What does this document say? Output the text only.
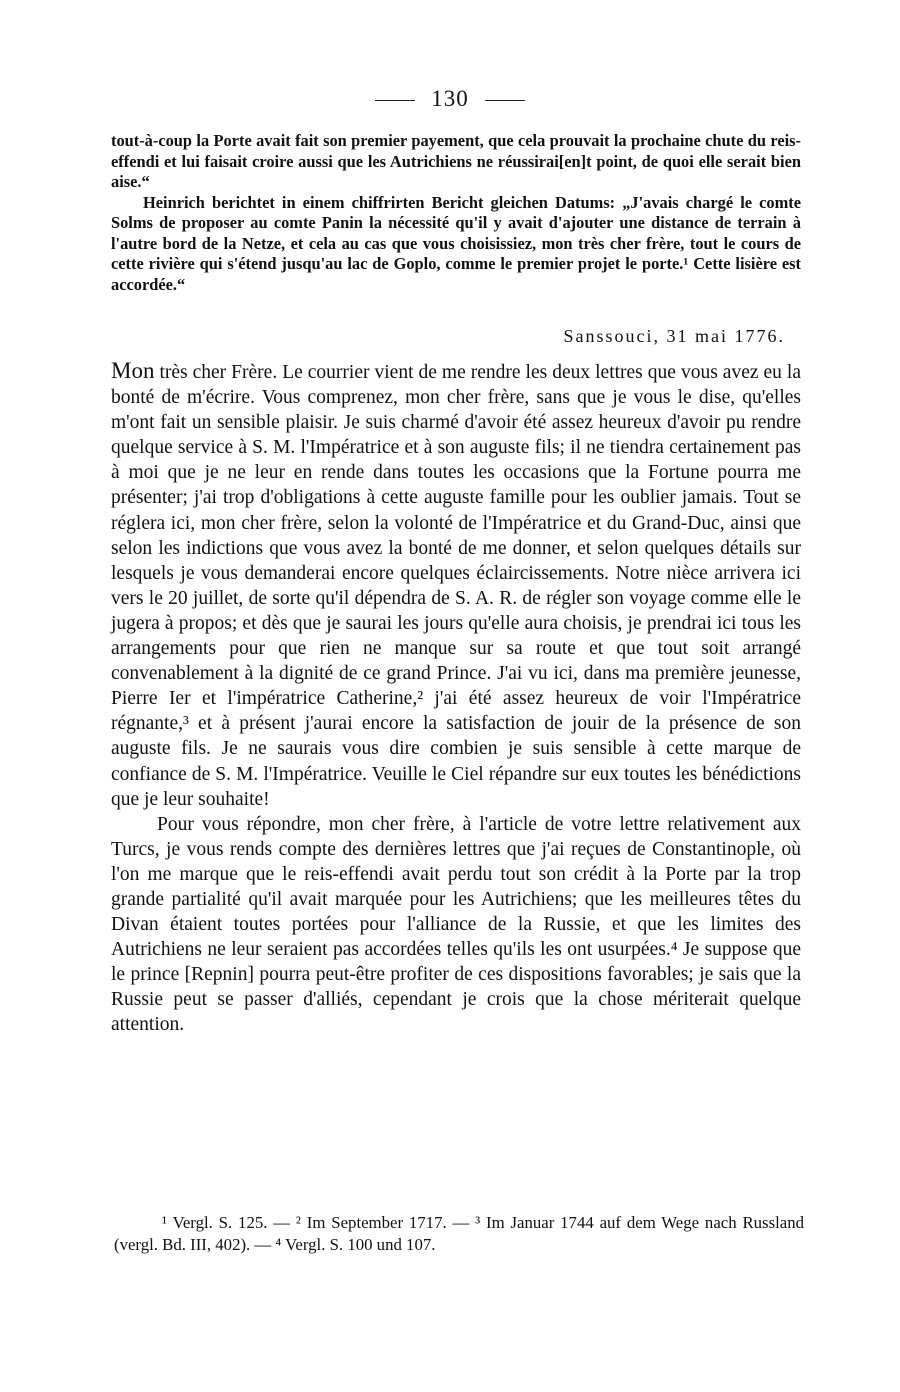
130

tout-à-coup la Porte avait fait son premier payement, que cela prouvait la prochaine chute du reis-effendi et lui faisait croire aussi que les Autrichiens ne réussirai[en]t point, de quoi elle serait bien aise.“

Heinrich berichtet in einem chiffrirten Bericht gleichen Datums: „J'avais chargé le comte Solms de proposer au comte Panin la nécessité qu'il y avait d'ajouter une distance de terrain à l'autre bord de la Netze, et cela au cas que vous choisissiez, mon très cher frère, tout le cours de cette rivière qui s'étend jusqu'au lac de Goplo, comme le premier projet le porte.¹ Cette lisière est accordée.“

Sanssouci, 31 mai 1776.

Mon très cher Frère. Le courrier vient de me rendre les deux lettres que vous avez eu la bonté de m'écrire. Vous comprenez, mon cher frère, sans que je vous le dise, qu'elles m'ont fait un sensible plaisir. Je suis charmé d'avoir été assez heureux d'avoir pu rendre quelque service à S. M. l'Impératrice et à son auguste fils; il ne tiendra certainement pas à moi que je ne leur en rende dans toutes les occasions que la Fortune pourra me présenter; j'ai trop d'obligations à cette auguste famille pour les oublier jamais. Tout se réglera ici, mon cher frère, selon la volonté de l'Impératrice et du Grand-Duc, ainsi que selon les indictions que vous avez la bonté de me donner, et selon quelques détails sur lesquels je vous demanderai encore quelques éclaircissements. Notre nièce arrivera ici vers le 20 juillet, de sorte qu'il dépendra de S. A. R. de régler son voyage comme elle le jugera à propos; et dès que je saurai les jours qu'elle aura choisis, je prendrai ici tous les arrangements pour que rien ne manque sur sa route et que tout soit arrangé convenablement à la dignité de ce grand Prince. J'ai vu ici, dans ma première jeunesse, Pierre Ier et l'impératrice Catherine,² j'ai été assez heureux de voir l'Impératrice régnante,³ et à présent j'aurai encore la satisfaction de jouir de la présence de son auguste fils. Je ne saurais vous dire combien je suis sensible à cette marque de confiance de S. M. l'Impératrice. Veuille le Ciel répandre sur eux toutes les bénédictions que je leur souhaite!

Pour vous répondre, mon cher frère, à l'article de votre lettre relativement aux Turcs, je vous rends compte des dernières lettres que j'ai reçues de Constantinople, où l'on me marque que le reis-effendi avait perdu tout son crédit à la Porte par la trop grande partialité qu'il avait marquée pour les Autrichiens; que les meilleures têtes du Divan étaient toutes portées pour l'alliance de la Russie, et que les limites des Autrichiens ne leur seraient pas accordées telles qu'ils les ont usurpées.⁴ Je suppose que le prince [Repnin] pourra peut-être profiter de ces dispositions favorables; je sais que la Russie peut se passer d'alliés, cependant je crois que la chose mériterait quelque attention.

¹ Vergl. S. 125. — ² Im September 1717. — ³ Im Januar 1744 auf dem Wege nach Russland (vergl. Bd. III, 402). — ⁴ Vergl. S. 100 und 107.
